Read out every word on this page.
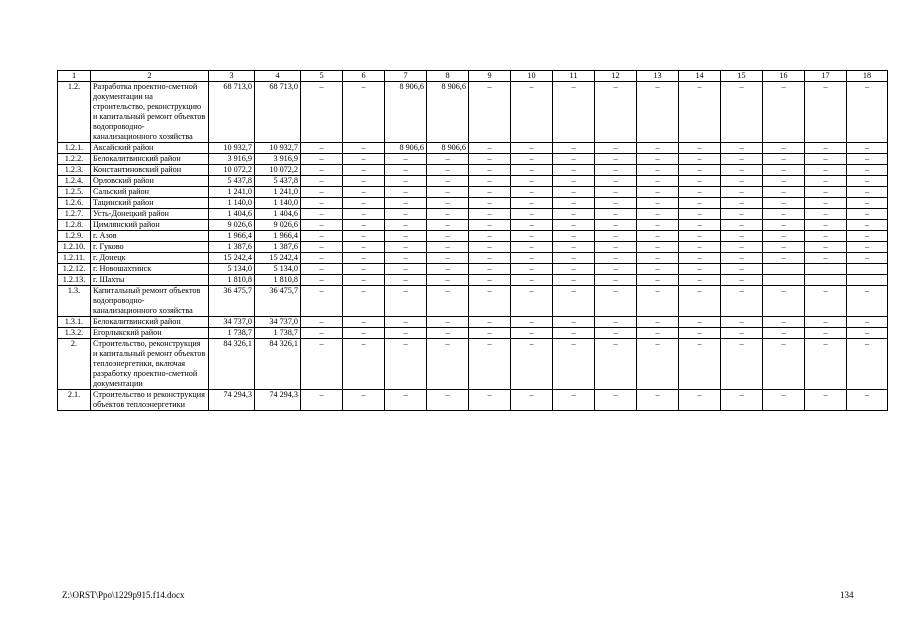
1	2	3	4	5	6	7	8	9	10	11	12	13	14	15	16	17	18
1.2.	Разработка проектно-сметной документации на строительство, реконструкцию и капитальный ремонт объектов водопроводно-канализационного хозяйства	68 713,0	68 713,0	–	–	8 906,6	8 906,6	–	–	–	–	–	–	–	–	–	–
1.2.1.	Аксайский район	10 932,7	10 932,7	–	–	8 906,6	8 906,6	–	–	–	–	–	–	–	–	–	–
1.2.2.	Белокалитвинский район	3 916,9	3 916,9	–	–	–	–	–	–	–	–	–	–	–	–	–	–
1.2.3.	Константиновский район	10 072,2	10 072,2	–	–	–	–	–	–	–	–	–	–	–	–	–	–
1.2.4.	Орловский район	5 437,8	5 437,8	–	–	–	–	–	–	–	–	–	–	–	–	–	–
1.2.5.	Сальский район	1 241,0	1 241,0	–	–	–	–	–	–	–	–	–	–	–	–	–	–
1.2.6.	Тацинский район	1 140,0	1 140,0	–	–	–	–	–	–	–	–	–	–	–	–	–	–
1.2.7.	Усть-Донецкий район	1 404,6	1 404,6	–	–	–	–	–	–	–	–	–	–	–	–	–	–
1.2.8.	Цимлянский район	9 026,6	9 026,6	–	–	–	–	–	–	–	–	–	–	–	–	–	–
1.2.9.	г. Азов	1 966,4	1 966,4	–	–	–	–	–	–	–	–	–	–	–	–	–	–
1.2.10.	г. Гуково	1 387,6	1 387,6	–	–	–	–	–	–	–	–	–	–	–	–	–	–
1.2.11.	г. Донецк	15 242,4	15 242,4	–	–	–	–	–	–	–	–	–	–	–	–	–	–
1.2.12.	г. Новошахтинск	5 134,0	5 134,0	–	–	–	–	–	–	–	–	–	–	–			
1.2.13.	г. Шахты	1 810,8	1 810,8	–	–	–	–	–	–	–	–	–	–	–			
1.3.	Капитальный ремонт объектов водопроводно-канализационного хозяйства	36 475,7	36 475,7	–	–	–	–	–	–	–	–	–	–	–	–	–	–
1.3.1.	Белокалитвинский район	34 737,0	34 737,0	–	–	–	–	–	–	–	–	–	–	–	–	–	–
1.3.2.	Егорлыкский район	1 738,7	1 738,7	–	–	–	–	–	–	–	–	–	–	–	–	–	–
2.	Строительство, реконструкция и капитальный ремонт объектов теплоэнергетики, включая разработку проектно-сметной документации	84 326,1	84 326,1	–	–	–	–	–	–	–	–	–	–	–	–	–	–
2.1.	Строительство и реконструкция объектов теплоэнергетики	74 294,3	74 294,3	–	–	–	–	–	–	–	–	–	–	–	–	–	–
Z:\ORST\Ppo\1229p915.f14.docx	134
